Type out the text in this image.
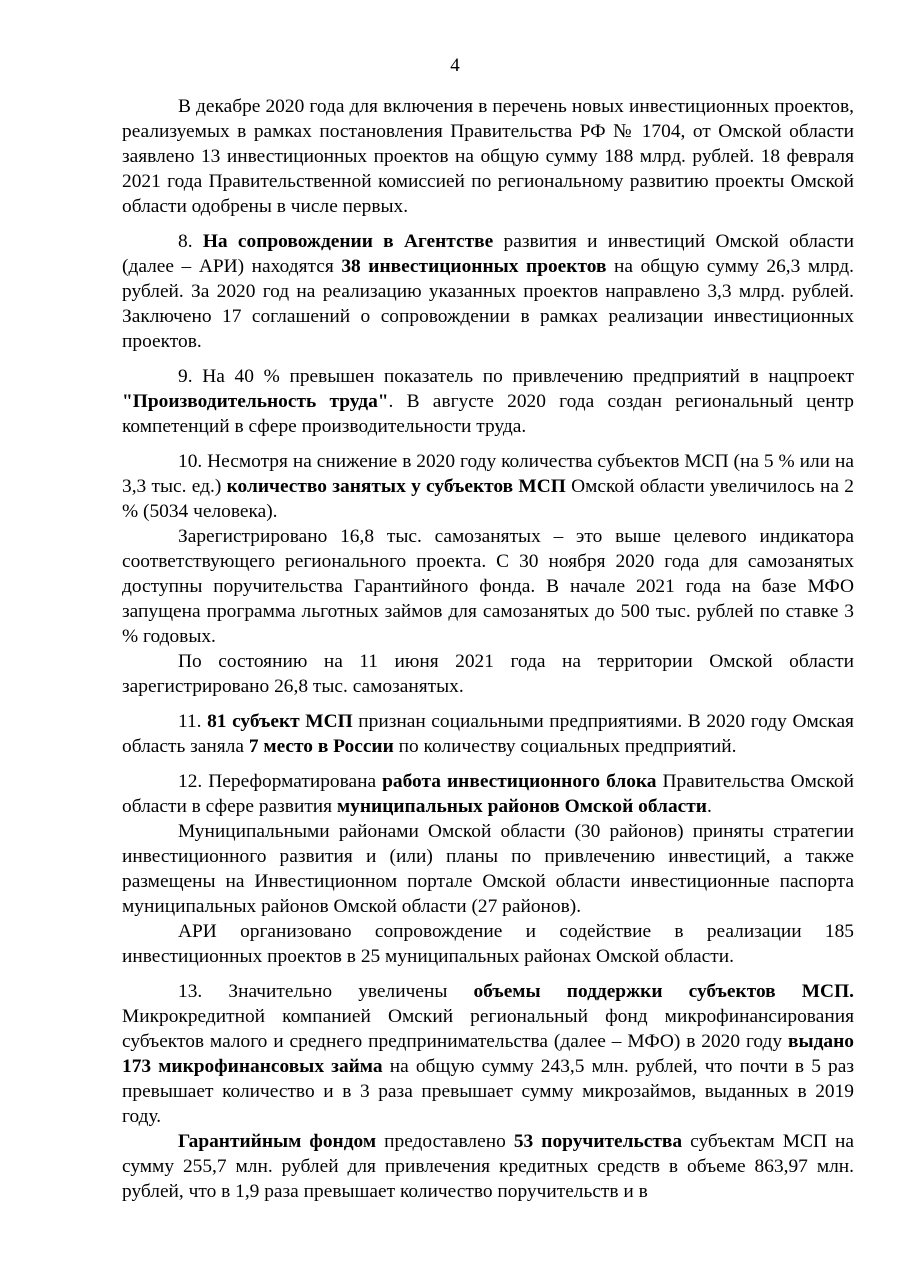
4

В декабре 2020 года для включения в перечень новых инвестиционных проектов, реализуемых в рамках постановления Правительства РФ № 1704, от Омской области заявлено 13 инвестиционных проектов на общую сумму 188 млрд. рублей. 18 февраля 2021 года Правительственной комиссией по региональному развитию проекты Омской области одобрены в числе первых.

8. На сопровождении в Агентстве развития и инвестиций Омской области (далее – АРИ) находятся 38 инвестиционных проектов на общую сумму 26,3 млрд. рублей. За 2020 год на реализацию указанных проектов направлено 3,3 млрд. рублей. Заключено 17 соглашений о сопровождении в рамках реализации инвестиционных проектов.

9. На 40 % превышен показатель по привлечению предприятий в нацпроект "Производительность труда". В августе 2020 года создан региональный центр компетенций в сфере производительности труда.

10. Несмотря на снижение в 2020 году количества субъектов МСП (на 5 % или на 3,3 тыс. ед.) количество занятых у субъектов МСП Омской области увеличилось на 2 % (5034 человека).

Зарегистрировано 16,8 тыс. самозанятых – это выше целевого индикатора соответствующего регионального проекта. С 30 ноября 2020 года для самозанятых доступны поручительства Гарантийного фонда. В начале 2021 года на базе МФО запущена программа льготных займов для самозанятых до 500 тыс. рублей по ставке 3 % годовых.

По состоянию на 11 июня 2021 года на территории Омской области зарегистрировано 26,8 тыс. самозанятых.

11. 81 субъект МСП признан социальными предприятиями. В 2020 году Омская область заняла 7 место в России по количеству социальных предприятий.

12. Переформатирована работа инвестиционного блока Правительства Омской области в сфере развития муниципальных районов Омской области.

Муниципальными районами Омской области (30 районов) приняты стратегии инвестиционного развития и (или) планы по привлечению инвестиций, а также размещены на Инвестиционном портале Омской области инвестиционные паспорта муниципальных районов Омской области (27 районов).

АРИ организовано сопровождение и содействие в реализации 185 инвестиционных проектов в 25 муниципальных районах Омской области.

13. Значительно увеличены объемы поддержки субъектов МСП. Микрокредитной компанией Омский региональный фонд микрофинансирования субъектов малого и среднего предпринимательства (далее – МФО) в 2020 году выдано 173 микрофинансовых займа на общую сумму 243,5 млн. рублей, что почти в 5 раз превышает количество и в 3 раза превышает сумму микрозаймов, выданных в 2019 году.

Гарантийным фондом предоставлено 53 поручительства субъектам МСП на сумму 255,7 млн. рублей для привлечения кредитных средств в объеме 863,97 млн. рублей, что в 1,9 раза превышает количество поручительств и в
